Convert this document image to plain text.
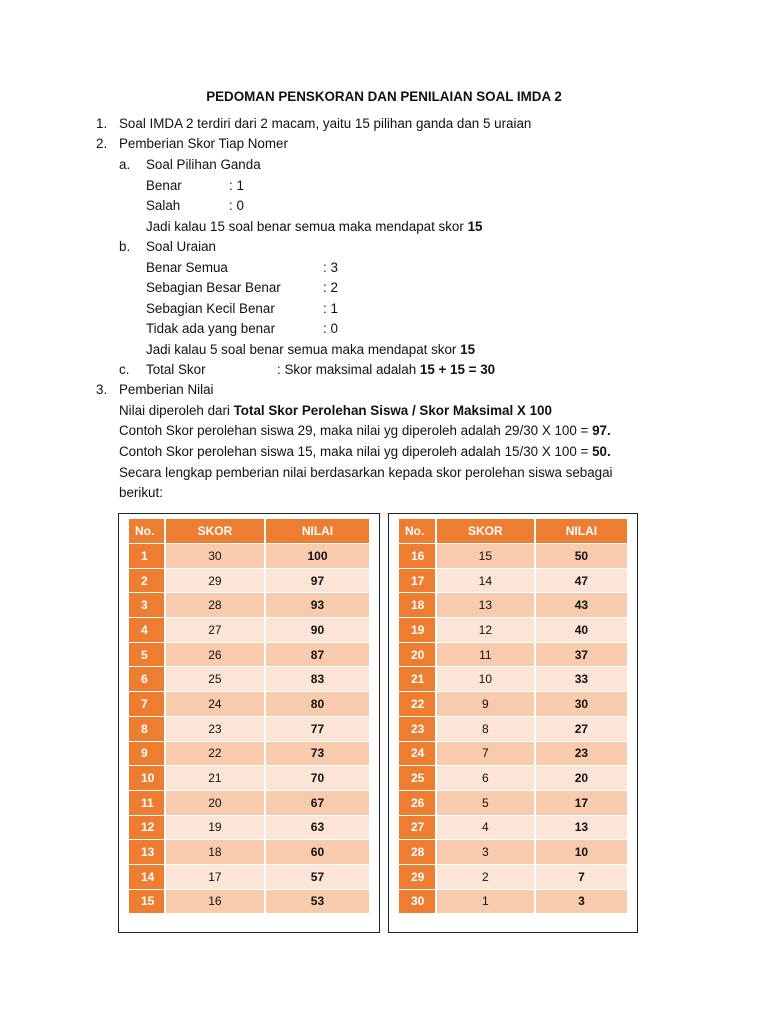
PEDOMAN PENSKORAN DAN PENILAIAN SOAL IMDA 2
1. Soal IMDA 2 terdiri dari 2 macam, yaitu 15 pilihan ganda dan 5 uraian
2. Pemberian Skor Tiap Nomer
a. Soal Pilihan Ganda
Benar	: 1
Salah	: 0
Jadi kalau 15 soal benar semua maka mendapat skor 15
b. Soal Uraian
Benar Semua	: 3
Sebagian Besar Benar	: 2
Sebagian Kecil Benar	: 1
Tidak ada yang benar	: 0
Jadi kalau 5 soal benar semua maka mendapat skor 15
c. Total Skor	: Skor maksimal adalah 15 + 15 = 30
3. Pemberian Nilai
Nilai diperoleh dari Total Skor Perolehan Siswa / Skor Maksimal X 100
Contoh Skor perolehan siswa 29, maka nilai yg diperoleh adalah 29/30 X 100 = 97.
Contoh Skor perolehan siswa 15, maka nilai yg diperoleh adalah 15/30 X 100 = 50.
Secara lengkap pemberian nilai berdasarkan kepada skor perolehan siswa sebagai
berikut:
No.	SKOR	NILAI
1	30	100
2	29	97
3	28	93
4	27	90
5	26	87
6	25	83
7	24	80
8	23	77
9	22	73
10	21	70
11	20	67
12	19	63
13	18	60
14	17	57
15	16	53
No.	SKOR	NILAI
16	15	50
17	14	47
18	13	43
19	12	40
20	11	37
21	10	33
22	9	30
23	8	27
24	7	23
25	6	20
26	5	17
27	4	13
28	3	10
29	2	7
30	1	3
